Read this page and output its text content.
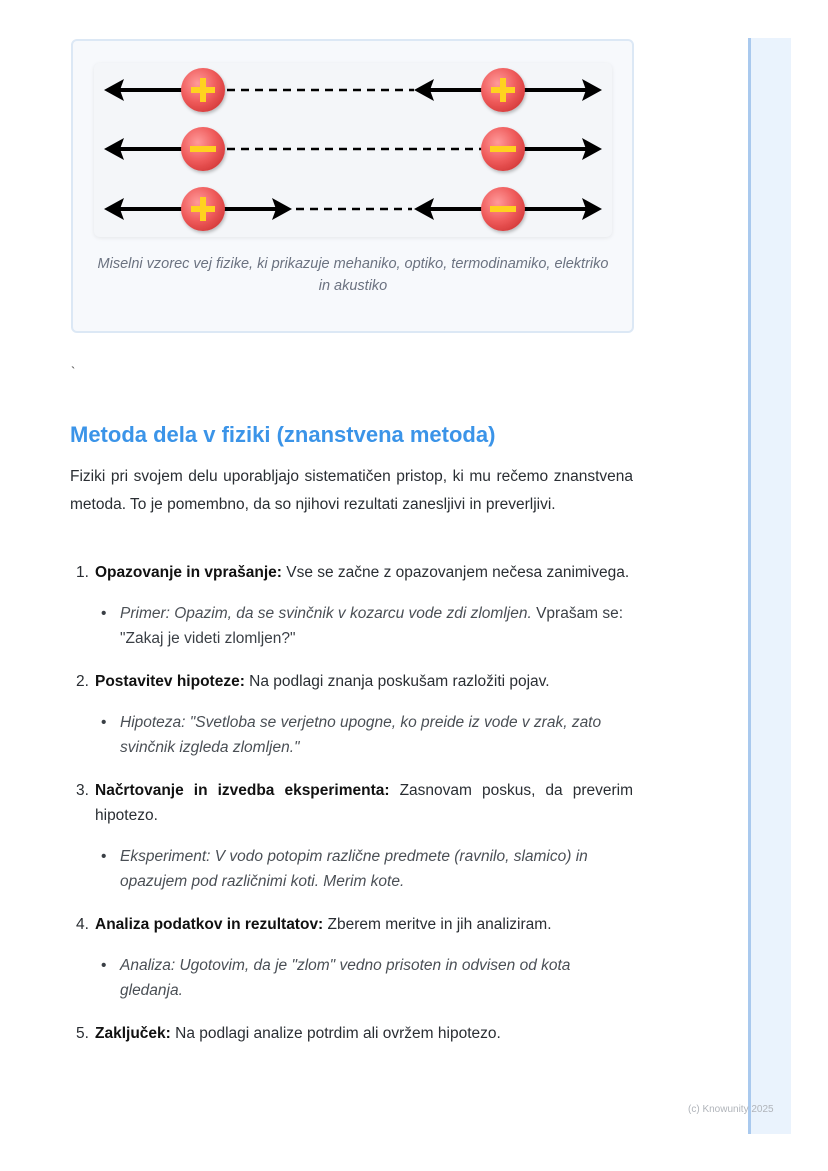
Miselni vzorec vej fizike, ki prikazuje mehaniko, optiko, termodinamiko, elektriko in akustiko
`
Metoda dela v fiziki (znanstvena metoda)

Fiziki pri svojem delu uporabljajo sistematičen pristop, ki mu rečemo znanstvena metoda. To je pomembno, da so njihovi rezultati zanesljivi in preverljivi.

1. Opazovanje in vprašanje: Vse se začne z opazovanjem nečesa zanimivega.
• Primer: Opazim, da se svinčnik v kozarcu vode zdi zlomljen. Vprašam se: "Zakaj je videti zlomljen?"
2. Postavitev hipoteze: Na podlagi znanja poskušam razložiti pojav.
• Hipoteza: "Svetloba se verjetno upogne, ko preide iz vode v zrak, zato svinčnik izgleda zlomljen."
3. Načrtovanje in izvedba eksperimenta: Zasnovam poskus, da preverim hipotezo.
• Eksperiment: V vodo potopim različne predmete (ravnilo, slamico) in opazujem pod različnimi koti. Merim kote.
4. Analiza podatkov in rezultatov: Zberem meritve in jih analiziram.
• Analiza: Ugotovim, da je "zlom" vedno prisoten in odvisen od kota gledanja.
5. Zaključek: Na podlagi analize potrdim ali ovržem hipotezo.
(c) Knowunity 2025
